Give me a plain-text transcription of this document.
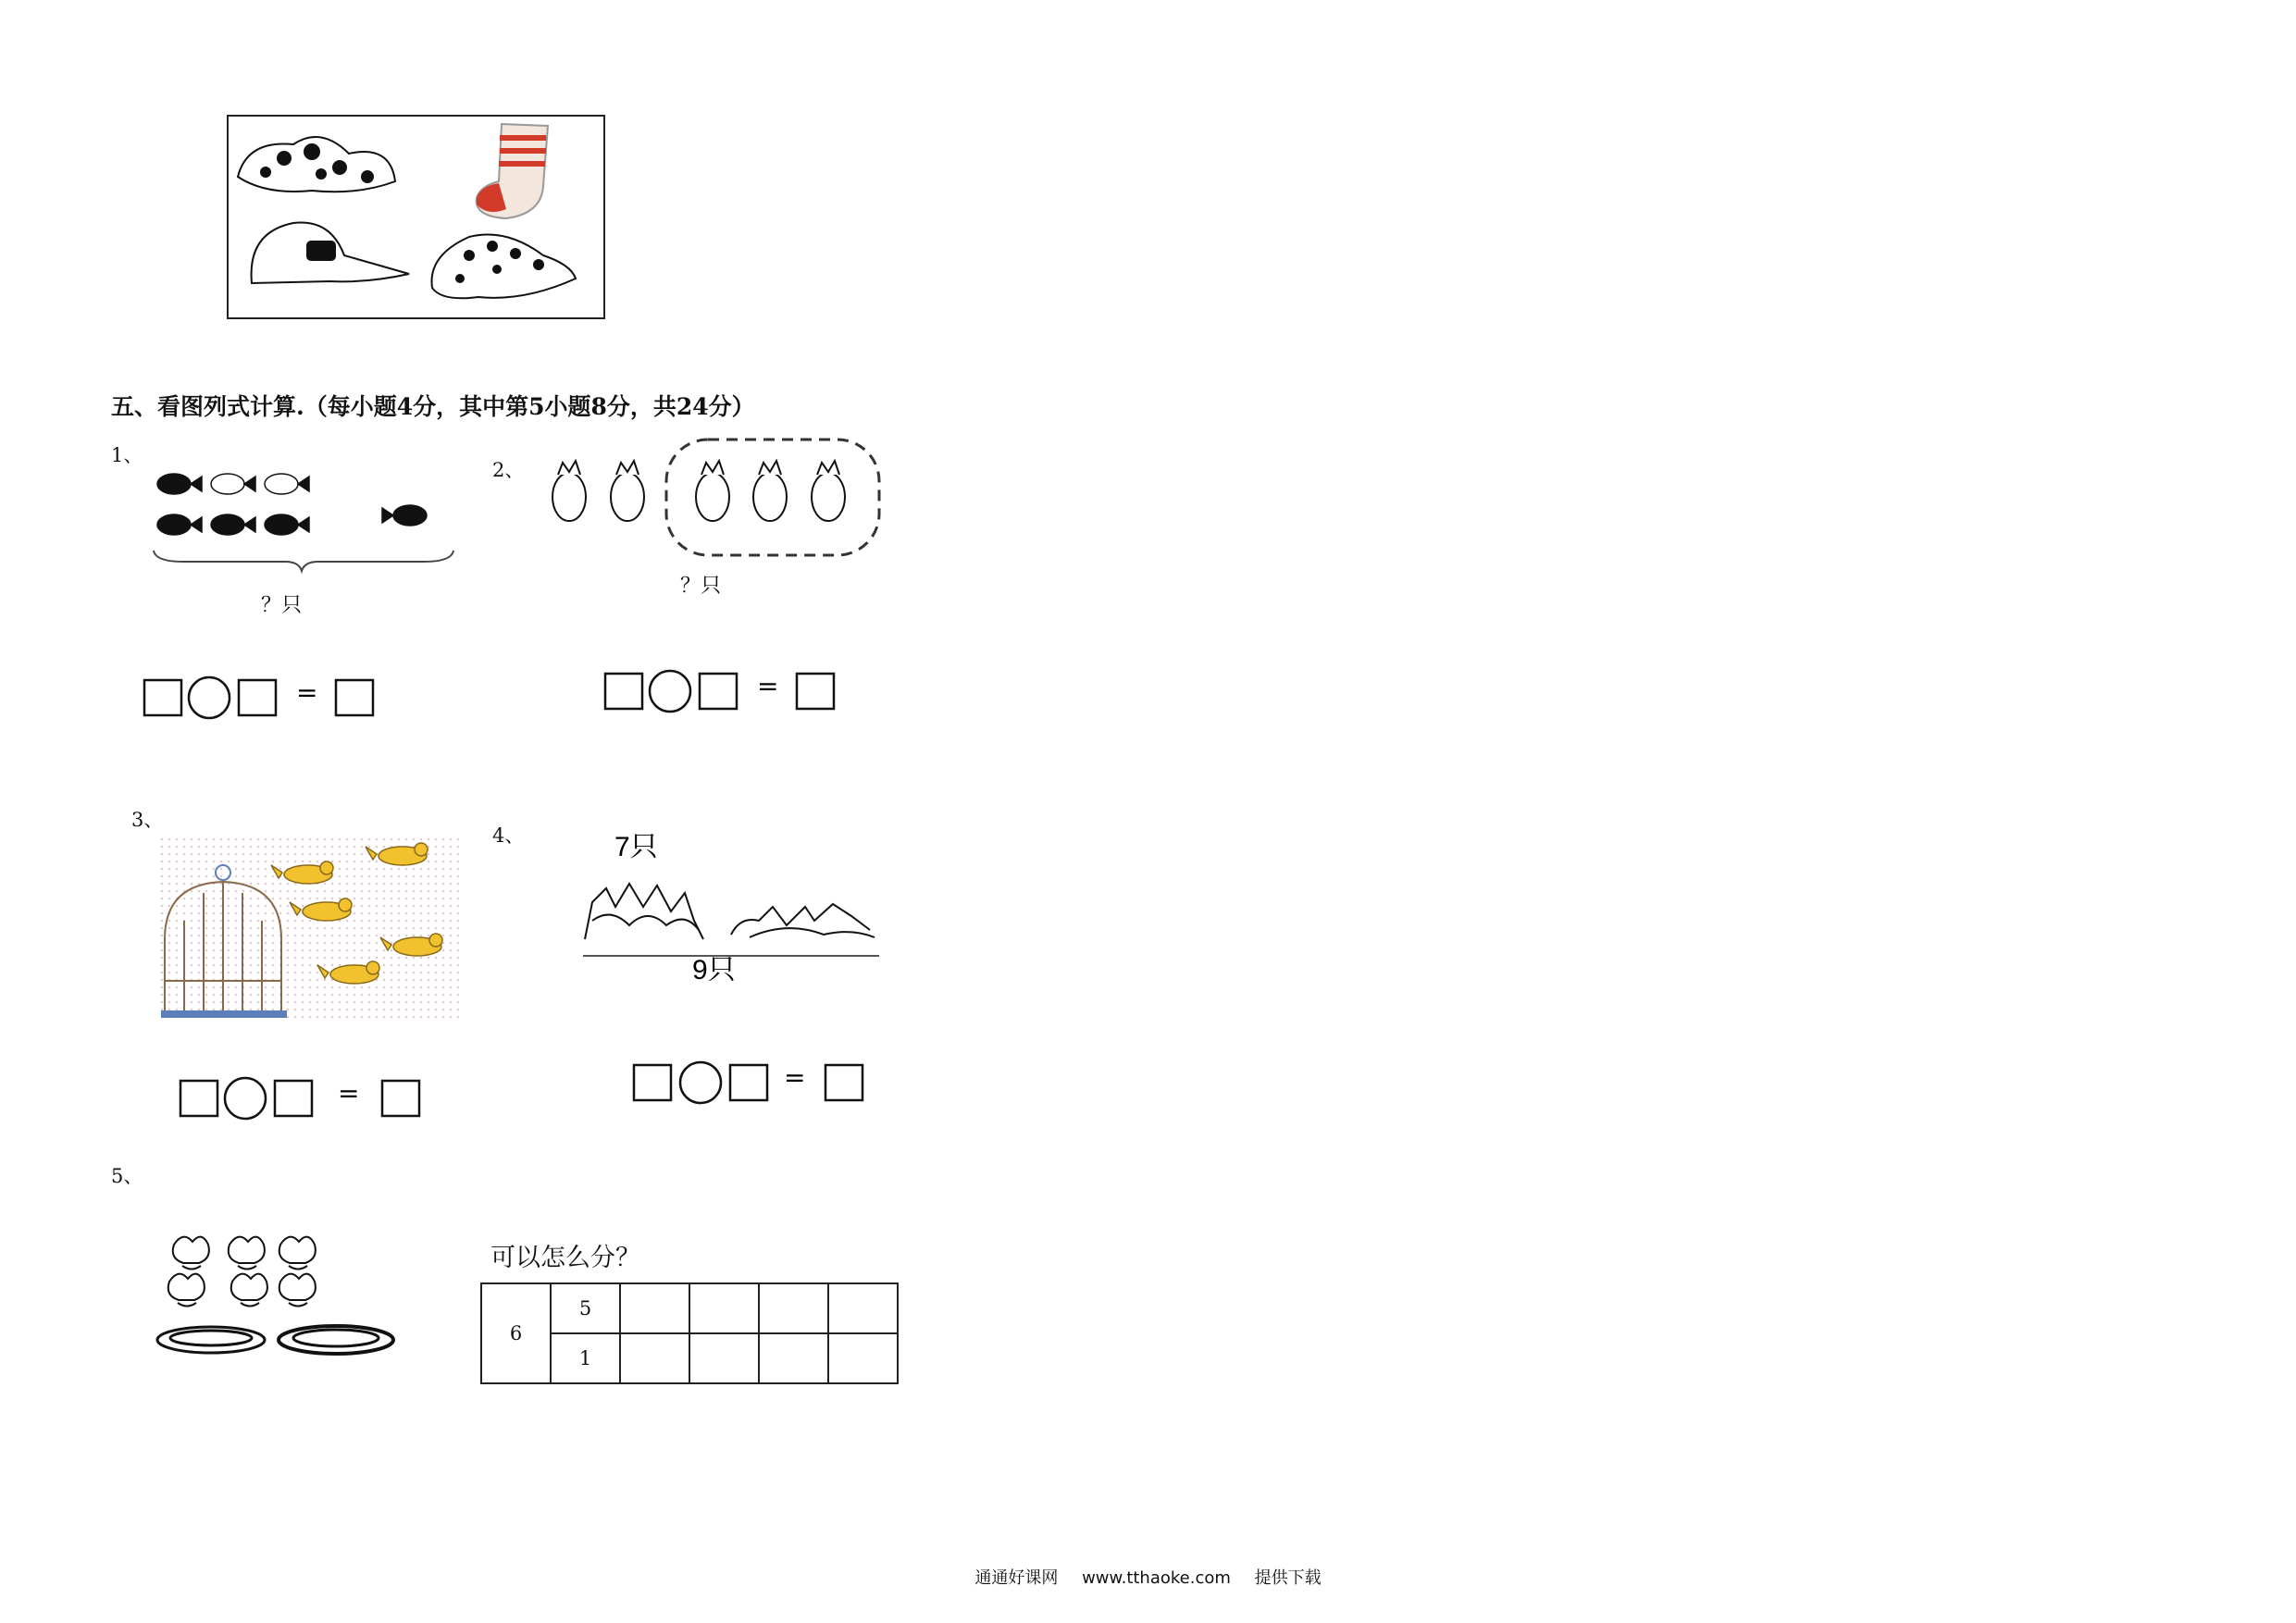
五、看图列式计算.（每小题4分，其中第5小题8分，共24分）
1、
？只
=
2、
？只
=
3、
=
4、	7只
9只
=
5、
可以怎么分？
6	5				
	1				
通通好课网 www.tthaoke.com 提供下载
